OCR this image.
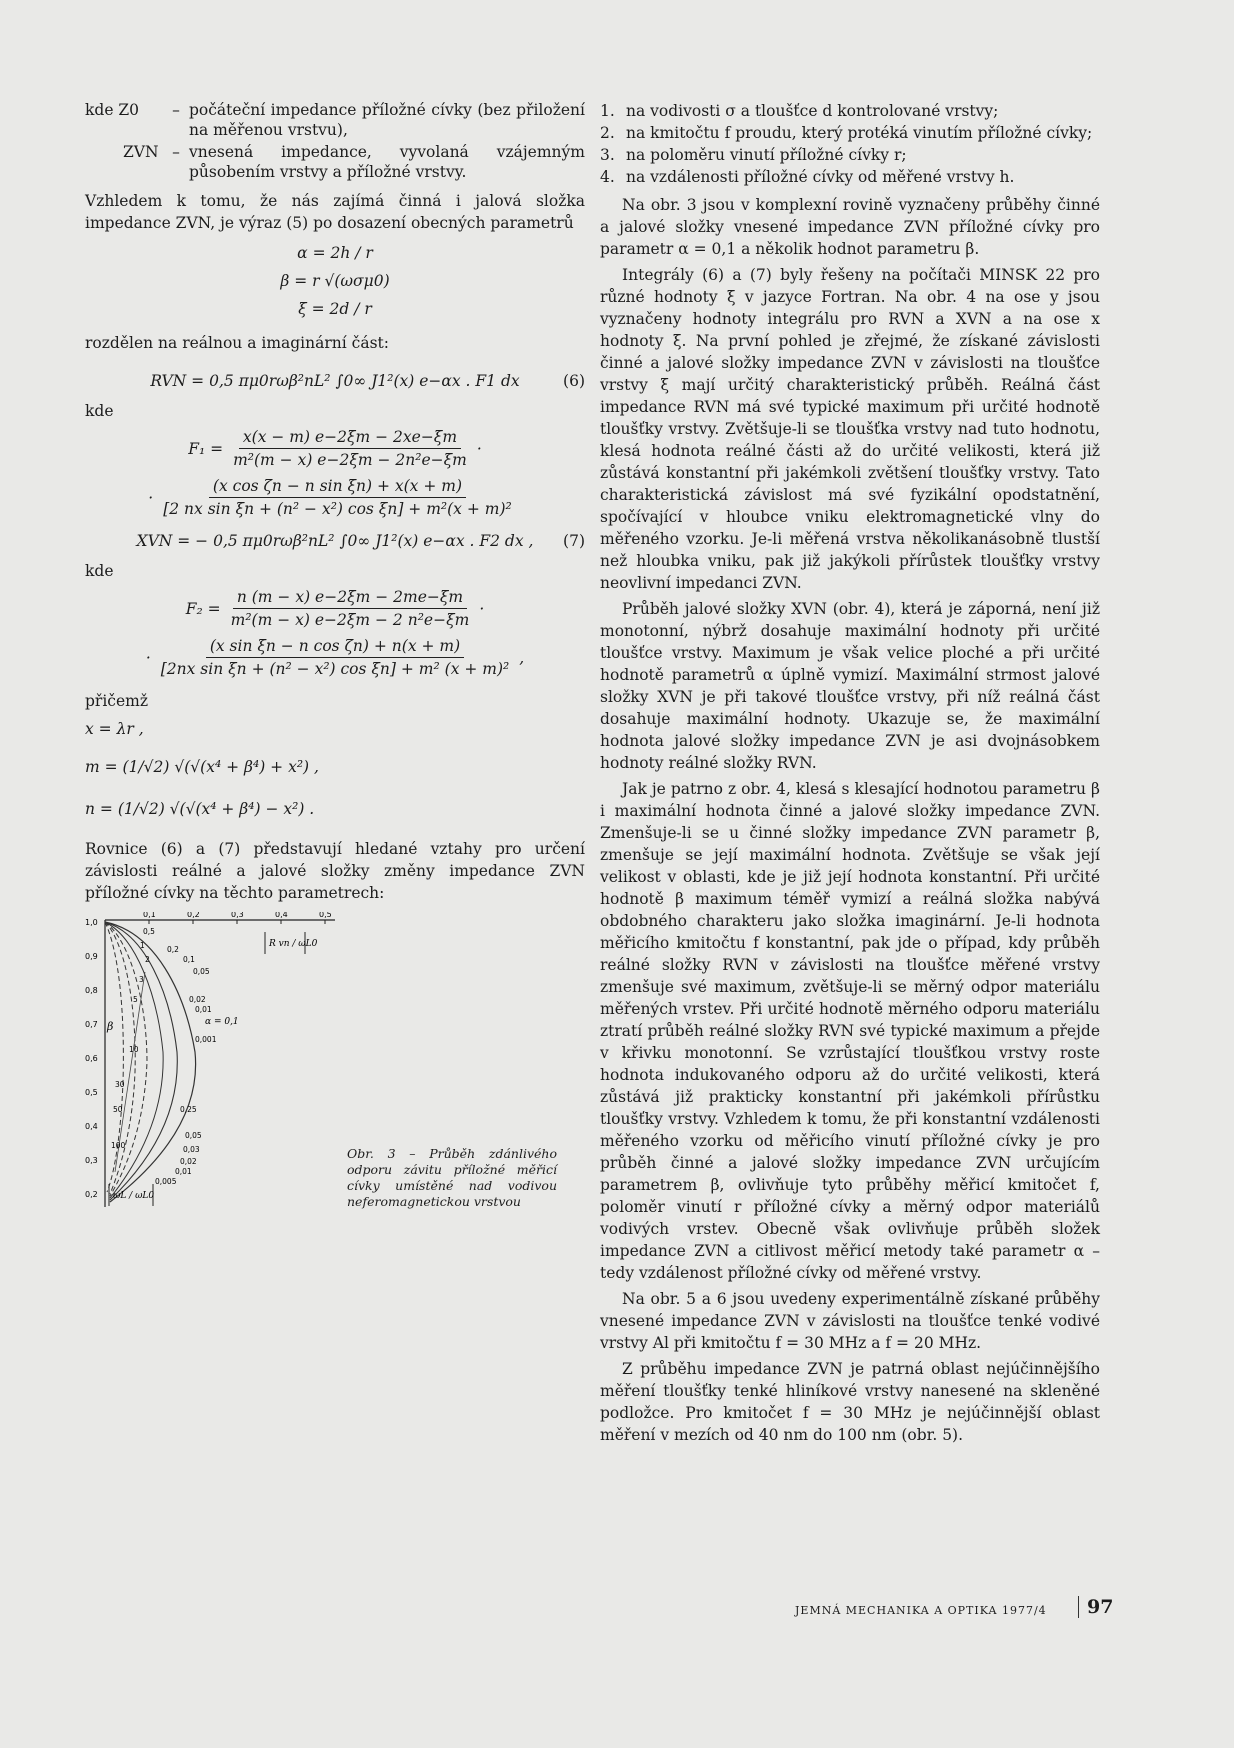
kde Z0	– počáteční impedance příložné cívky (bez přiložení na měřenou vrstvu),
ZVN – vnesená impedance, vyvolaná vzájemným působením vrstvy a příložné vrstvy.

Vzhledem k tomu, že nás zajímá činná i jalová složka impedance ZVN, je výraz (5) po dosazení obecných parametrů

α = 2h / r
β = r √(ωσμ0)
ξ = 2d / r

rozdělen na reálnou a imaginární část:

RVN = 0,5 πμ0rωβ²nL² ∫0∞ J1²(x) e−αx . F1 dx	(6)
kde
$F_1 = \frac{x(x - m) e-2\xi m - 2xe-\xi m}{\text{m²(m − x) e−2ξm − 2n²e−ξm}}$ ·
· $\frac{\text{(x cos ζn − n sin ξn) + x(x + m)}}{\text{[2 nx sin ξn + (n² − x²) cos ξn] + m²(x + m)²}}$
XVN = − 0,5 πμ0rωβ²nL² ∫0∞ J1²(x) e−αx . F2 dx , (7)
kde
$F_2 = \frac{n (m - x) e-2\xi m - 2me-\xi m}{\text{m²(m − x) e−2ξm − 2 n²e−ξm}}$ ·
· $\frac{\text{(x sin ξn − n cos ζn) + n(x + m)}}{\text{[2nx sin ξn + (n² − x²) cos ξn] + m² (x + m)²}}$ ,
přičemž
x = λr ,
m = (1/√2) √(√(x⁴ + β⁴) + x²) ,
n = (1/√2) √(√(x⁴ + β⁴) − x²) .

Rovnice (6) a (7) představují hledané vztahy pro určení závislosti reálné a jalové složky změny impedance ZVN příložné cívky na těchto parametrech:

0,1	0,2	0,3	0,4	0,5
1,0
0,9
0,8
0,7
0,6
0,5
0,4
0,3
0,2
β	α = 0,1
R vn / ωL0
ωL / ωL0
0,5
1
2
3
5
10
30
50
100
0,2
0,1
0,05
0,02
0,01
0,001
0,25
0,05
0,03
0,02
0,01
0,005
Obr. 3 – Průběh zdánlivého odporu závitu příložné měřicí cívky umístěné nad vodivou neferomagnetickou vrstvou
1. na vodivosti σ a tloušťce d kontrolované vrstvy;
2. na kmitočtu f proudu, který protéká vinutím příložné cívky;
3. na poloměru vinutí příložné cívky r;
4. na vzdálenosti příložné cívky od měřené vrstvy h.

Na obr. 3 jsou v komplexní rovině vyznačeny průběhy činné a jalové složky vnesené impedance ZVN příložné cívky pro parametr α = 0,1 a několik hodnot parametru β.

Integrály (6) a (7) byly řešeny na počítači MINSK 22 pro různé hodnoty ξ v jazyce Fortran. Na obr. 4 na ose y jsou vyznačeny hodnoty integrálu pro RVN a XVN a na ose x hodnoty ξ. Na první pohled je zřejmé, že získané závislosti činné a jalové složky impedance ZVN v závislosti na tloušťce vrstvy ξ mají určitý charakteristický průběh. Reálná část impedance RVN má své typické maximum při určité hodnotě tloušťky vrstvy. Zvětšuje-li se tloušťka vrstvy nad tuto hodnotu, klesá hodnota reálné části až do určité velikosti, která již zůstává konstantní při jakémkoli zvětšení tloušťky vrstvy. Tato charakteristická závislost má své fyzikální opodstatnění, spočívající v hloubce vniku elektromagnetické vlny do měřeného vzorku. Je-li měřená vrstva několikanásobně tlustší než hloubka vniku, pak již jakýkoli přírůstek tloušťky vrstvy neovlivní impedanci ZVN.

Průběh jalové složky XVN (obr. 4), která je záporná, není již monotonní, nýbrž dosahuje maximální hodnoty při určité tloušťce vrstvy. Maximum je však velice ploché a při určité hodnotě parametrů α úplně vymizí. Maximální strmost jalové složky XVN je při takové tloušťce vrstvy, při níž reálná část dosahuje maximální hodnoty. Ukazuje se, že maximální hodnota jalové složky impedance ZVN je asi dvojnásobkem hodnoty reálné složky RVN.

Jak je patrno z obr. 4, klesá s klesající hodnotou parametru β i maximální hodnota činné a jalové složky impedance ZVN. Zmenšuje-li se u činné složky impedance ZVN parametr β, zmenšuje se její maximální hodnota. Zvětšuje se však její velikost v oblasti, kde je již její hodnota konstantní. Při určité hodnotě β maximum téměř vymizí a reálná složka nabývá obdobného charakteru jako složka imaginární. Je-li hodnota měřicího kmitočtu f konstantní, pak jde o případ, kdy průběh reálné složky RVN v závislosti na tloušťce měřené vrstvy zmenšuje své maximum, zvětšuje-li se měrný odpor materiálu měřených vrstev. Při určité hodnotě měrného odporu materiálu ztratí průběh reálné složky RVN své typické maximum a přejde v křivku monotonní. Se vzrůstající tloušťkou vrstvy roste hodnota indukovaného odporu až do určité velikosti, která zůstává již prakticky konstantní při jakémkoli přírůstku tloušťky vrstvy. Vzhledem k tomu, že při konstantní vzdálenosti měřeného vzorku od měřicího vinutí příložné cívky je pro průběh činné a jalové složky impedance ZVN určujícím parametrem β, ovlivňuje tyto průběhy měřicí kmitočet f, poloměr vinutí r příložné cívky a měrný odpor materiálů vodivých vrstev. Obecně však ovlivňuje průběh složek impedance ZVN a citlivost měřicí metody také parametr α – tedy vzdálenost příložné cívky od měřené vrstvy.

Na obr. 5 a 6 jsou uvedeny experimentálně získané průběhy vnesené impedance ZVN v závislosti na tloušťce tenké vodivé vrstvy Al při kmitočtu f = 30 MHz a f = 20 MHz.

Z průběhu impedance ZVN je patrná oblast nejúčinnějšího měření tloušťky tenké hliníkové vrstvy nanesené na skleněné podložce. Pro kmitočet f = 30 MHz je nejúčinnější oblast měření v mezích od 40 nm do 100 nm (obr. 5).

JEMNÁ MECHANIKA A OPTIKA 1977/4	97
